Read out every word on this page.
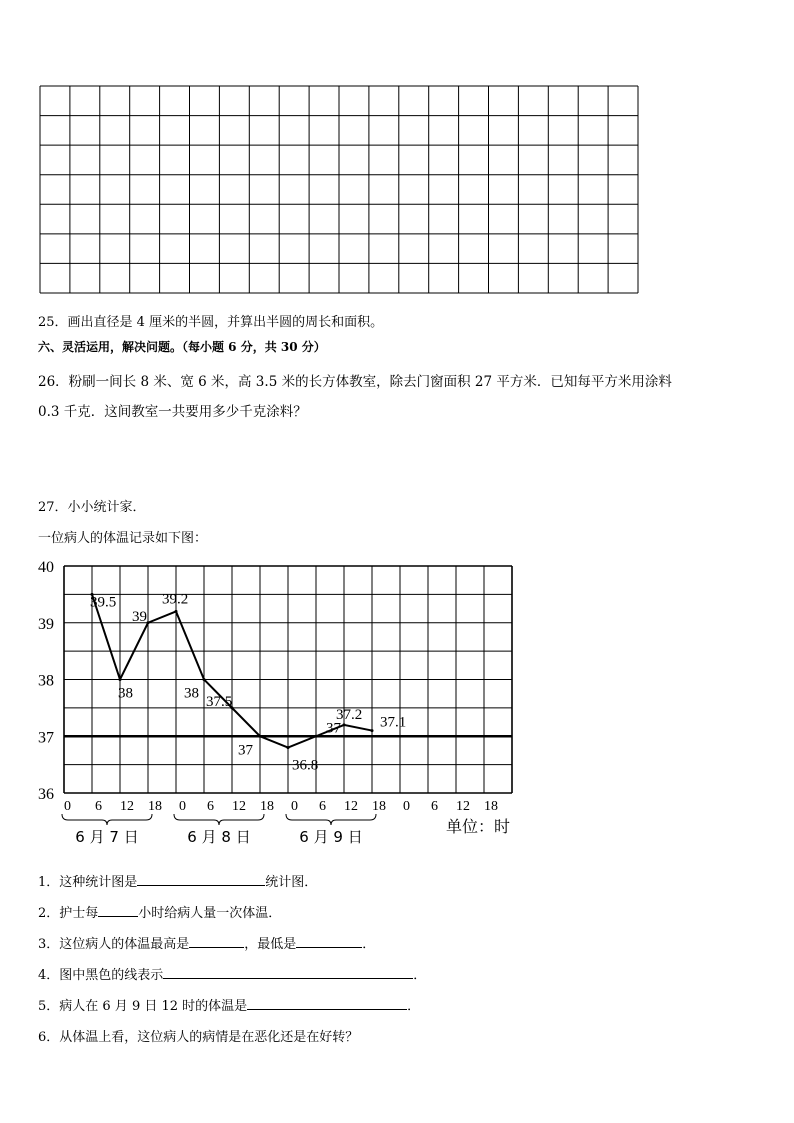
25．画出直径是 4 厘米的半圆，并算出半圆的周长和面积。
六、灵活运用，解决问题。（每小题 6 分，共 30 分）
26．粉刷一间长 8 米、宽 6 米，高 3.5 米的长方体教室，除去门窗面积 27 平方米．已知每平方米用涂料
0.3 千克．这间教室一共要用多少千克涂料？
27．小小统计家．
一位病人的体温记录如下图：
40
39
38
37
36
0 6 12 18 0 6 12 18 0 6 12 18 0 6 12 18
6 月 7 日	6 月 8 日	6 月 9 日
单位：时
39.5
38
39
39.2
38
37.5
37
36.8
37
37.2 37.1
1．这种统计图是	统计图．
2．护士每	小时给病人量一次体温．
3．这位病人的体温最高是	，最低是	．
4．图中黑色的线表示	．
5．病人在 6 月 9 日 12 时的体温是	．
6．从体温上看，这位病人的病情是在恶化还是在好转？
